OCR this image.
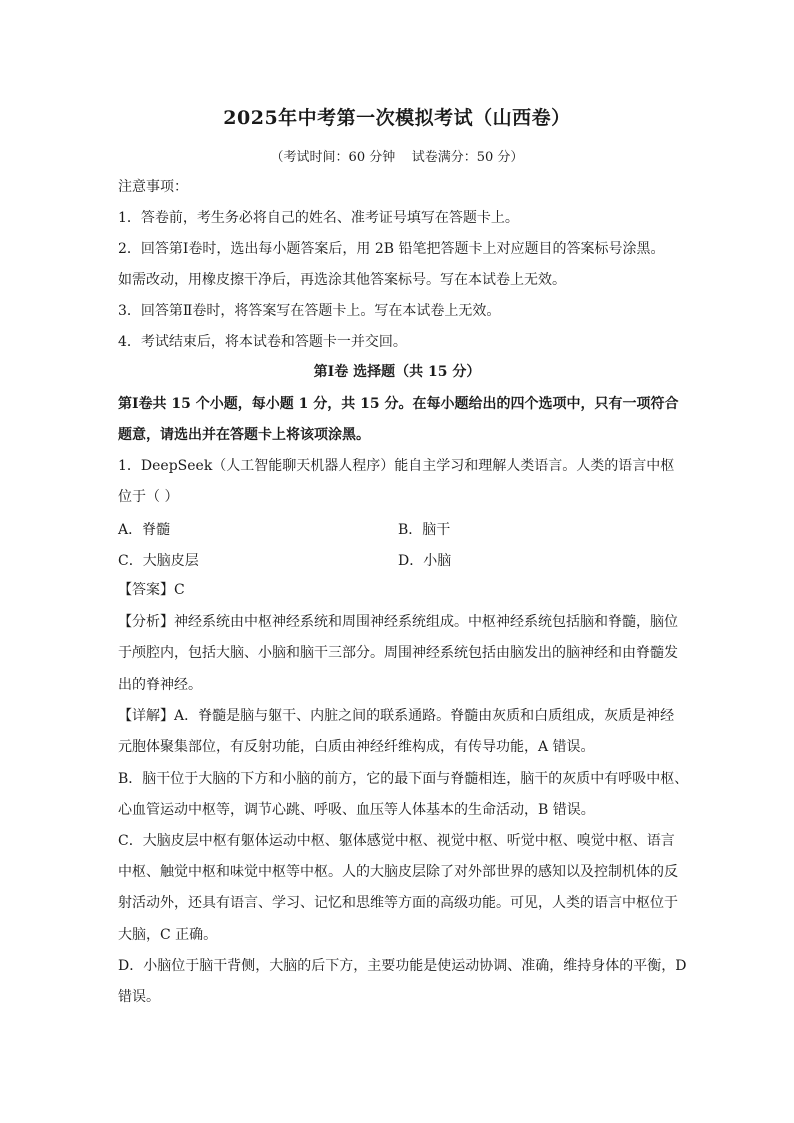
2025年中考第一次模拟考试（山西卷）
（考试时间：60 分钟    试卷满分：50 分）
注意事项：
1．答卷前，考生务必将自己的姓名、准考证号填写在答题卡上。
2．回答第Ⅰ卷时，选出每小题答案后，用 2B 铅笔把答题卡上对应题目的答案标号涂黑。
如需改动，用橡皮擦干净后，再选涂其他答案标号。写在本试卷上无效。
3．回答第Ⅱ卷时，将答案写在答题卡上。写在本试卷上无效。
4．考试结束后，将本试卷和答题卡一并交回。
第Ⅰ卷 选择题（共 15 分）
第Ⅰ卷共 15 个小题，每小题 1 分，共 15 分。在每小题给出的四个选项中，只有一项符合
题意，请选出并在答题卡上将该项涂黑。
1．DeepSeek（人工智能聊天机器人程序）能自主学习和理解人类语言。人类的语言中枢
位于（ ）
A．脊髓	B．脑干
C．大脑皮层	D．小脑
【答案】C
【分析】神经系统由中枢神经系统和周围神经系统组成。中枢神经系统包括脑和脊髓，脑位
于颅腔内，包括大脑、小脑和脑干三部分。周围神经系统包括由脑发出的脑神经和由脊髓发
出的脊神经。
【详解】A．脊髓是脑与躯干、内脏之间的联系通路。脊髓由灰质和白质组成，灰质是神经
元胞体聚集部位，有反射功能，白质由神经纤维构成，有传导功能，A 错误。
B．脑干位于大脑的下方和小脑的前方，它的最下面与脊髓相连，脑干的灰质中有呼吸中枢、
心血管运动中枢等，调节心跳、呼吸、血压等人体基本的生命活动，B 错误。
C．大脑皮层中枢有躯体运动中枢、躯体感觉中枢、视觉中枢、听觉中枢、嗅觉中枢、语言
中枢、触觉中枢和味觉中枢等中枢。人的大脑皮层除了对外部世界的感知以及控制机体的反
射活动外，还具有语言、学习、记忆和思维等方面的高级功能。可见，人类的语言中枢位于
大脑，C 正确。
D．小脑位于脑干背侧，大脑的后下方，主要功能是使运动协调、准确，维持身体的平衡，D
错误。
